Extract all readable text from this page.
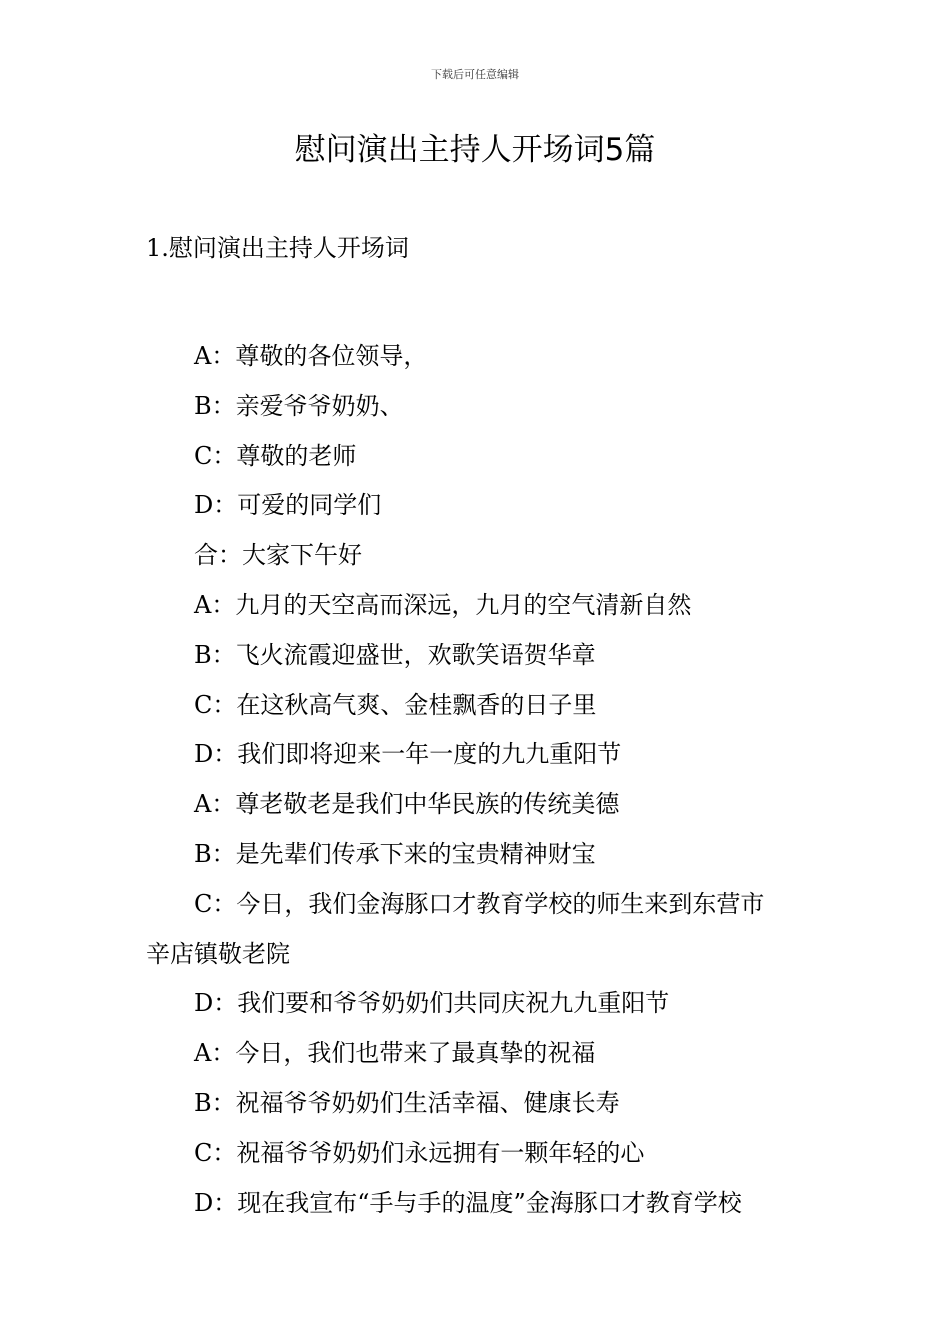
下载后可任意编辑
慰问演出主持人开场词5篇
1.慰问演出主持人开场词
A：尊敬的各位领导，
B：亲爱爷爷奶奶、
C：尊敬的老师
D：可爱的同学们
合：大家下午好
A：九月的天空高而深远，九月的空气清新自然
B：飞火流霞迎盛世，欢歌笑语贺华章
C：在这秋高气爽、金桂飘香的日子里
D：我们即将迎来一年一度的九九重阳节
A：尊老敬老是我们中华民族的传统美德
B：是先辈们传承下来的宝贵精神财宝
C：今日，我们金海豚口才教育学校的师生来到东营市
辛店镇敬老院
D：我们要和爷爷奶奶们共同庆祝九九重阳节
A：今日，我们也带来了最真挚的祝福
B：祝福爷爷奶奶们生活幸福、健康长寿
C：祝福爷爷奶奶们永远拥有一颗年轻的心
D：现在我宣布“手与手的温度”金海豚口才教育学校
